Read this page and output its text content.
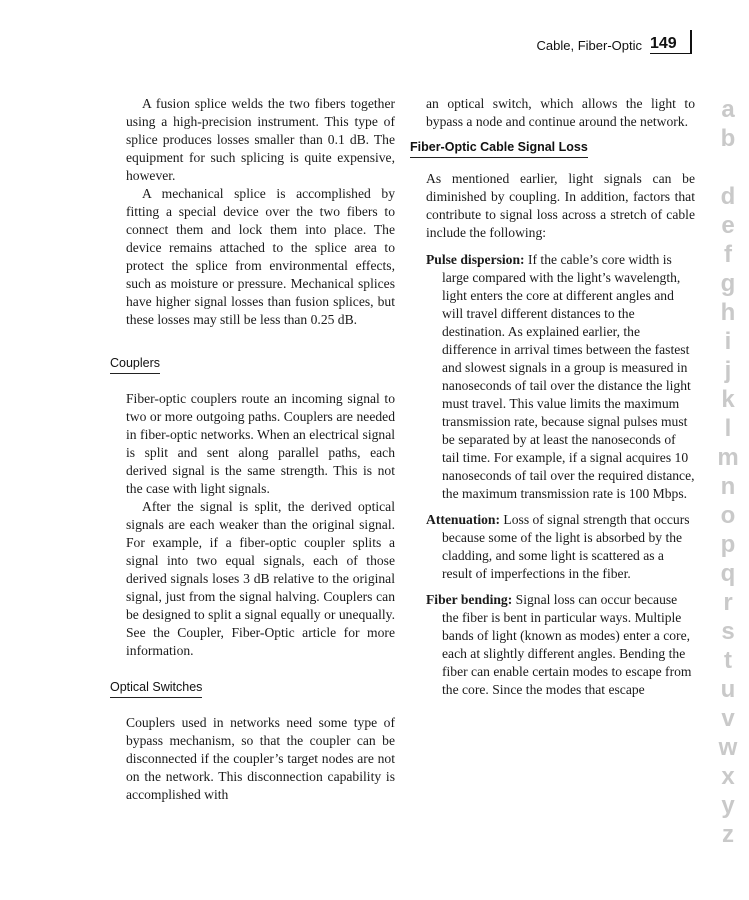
Cable, Fiber-Optic 149

A fusion splice welds the two fibers together using a high-precision instrument. This type of splice produces losses smaller than 0.1 dB. The equipment for such splicing is quite expensive, however.

A mechanical splice is accomplished by fitting a special device over the two fibers to connect them and lock them into place. The device remains attached to the splice area to protect the splice from environmental effects, such as moisture or pressure. Mechanical splices have higher signal losses than fusion splices, but these losses may still be less than 0.25 dB.

Couplers

Fiber-optic couplers route an incoming signal to two or more outgoing paths. Couplers are needed in fiber-optic networks. When an electrical signal is split and sent along parallel paths, each derived signal is the same strength. This is not the case with light signals.

After the signal is split, the derived optical signals are each weaker than the original signal. For example, if a fiber-optic coupler splits a signal into two equal signals, each of those derived signals loses 3 dB relative to the original signal, just from the signal halving. Couplers can be designed to split a signal equally or unequally. See the Coupler, Fiber-Optic article for more information.

Optical Switches

Couplers used in networks need some type of bypass mechanism, so that the coupler can be disconnected if the coupler’s target nodes are not on the network. This disconnection capability is accomplished with

an optical switch, which allows the light to bypass a node and continue around the network.

Fiber-Optic Cable Signal Loss

As mentioned earlier, light signals can be diminished by coupling. In addition, factors that contribute to signal loss across a stretch of cable include the following:

Pulse dispersion: If the cable’s core width is large compared with the light’s wavelength, light enters the core at different angles and will travel different distances to the destination. As explained earlier, the difference in arrival times between the fastest and slowest signals in a group is measured in nanoseconds of tail over the distance the light must travel. This value limits the maximum transmission rate, because signal pulses must be separated by at least the nanoseconds of tail time. For example, if a signal acquires 10 nanoseconds of tail over the required distance, the maximum transmission rate is 100 Mbps.

Attenuation: Loss of signal strength that occurs because some of the light is absorbed by the cladding, and some light is scattered as a result of imperfections in the fiber.

Fiber bending: Signal loss can occur because the fiber is bent in particular ways. Multiple bands of light (known as modes) enter a core, each at slightly different angles. Bending the fiber can enable certain modes to escape from the core. Since the modes that escape

a
b
c
d
e
f
g
h
i
j
k
l
m
n
o
p
q
r
s
t
u
v
w
x
y
z
